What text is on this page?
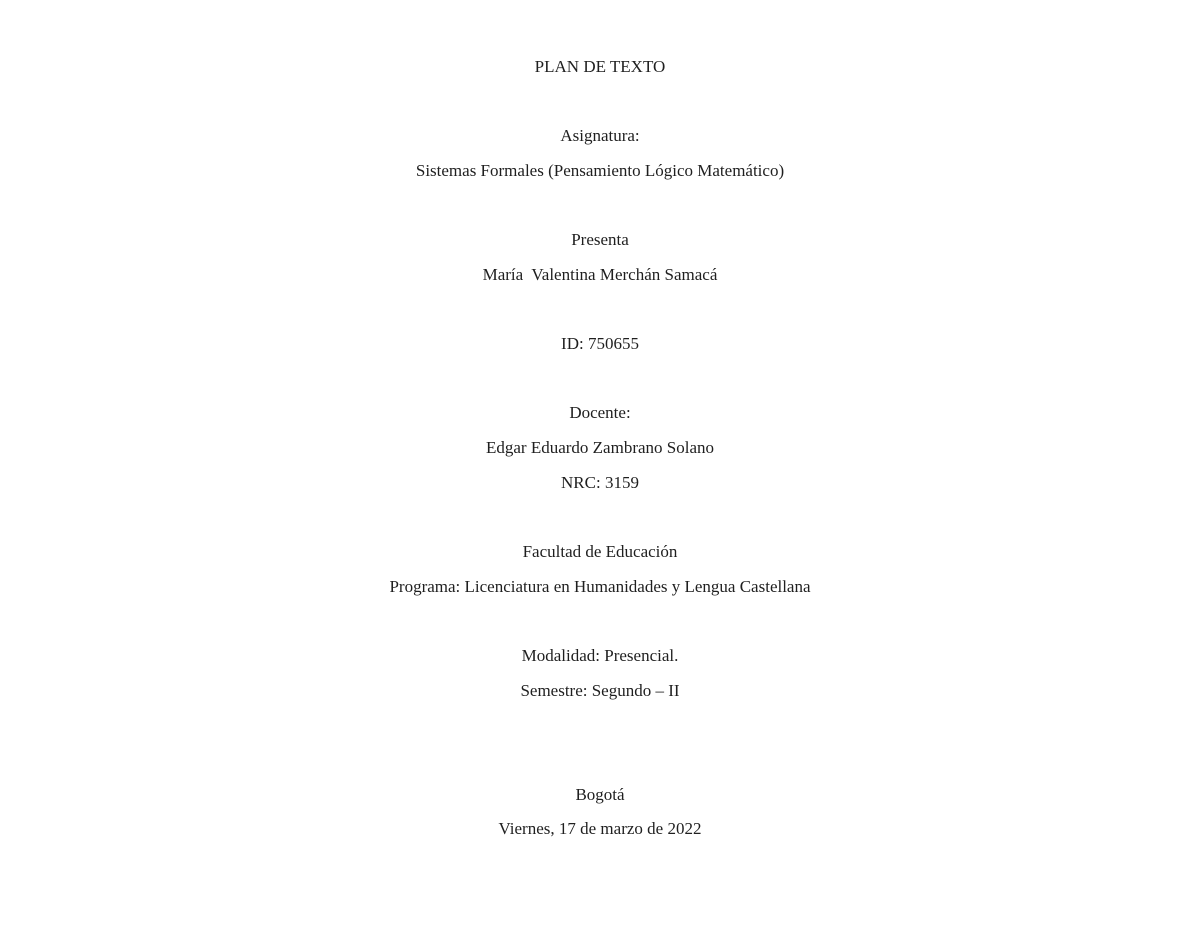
PLAN DE TEXTO
Asignatura:
Sistemas Formales (Pensamiento Lógico Matemático)
Presenta
María  Valentina Merchán Samacá
ID: 750655
Docente:
Edgar Eduardo Zambrano Solano
NRC: 3159
Facultad de Educación
Programa: Licenciatura en Humanidades y Lengua Castellana
Modalidad: Presencial.
Semestre: Segundo – II
Bogotá
Viernes, 17 de marzo de 2022
